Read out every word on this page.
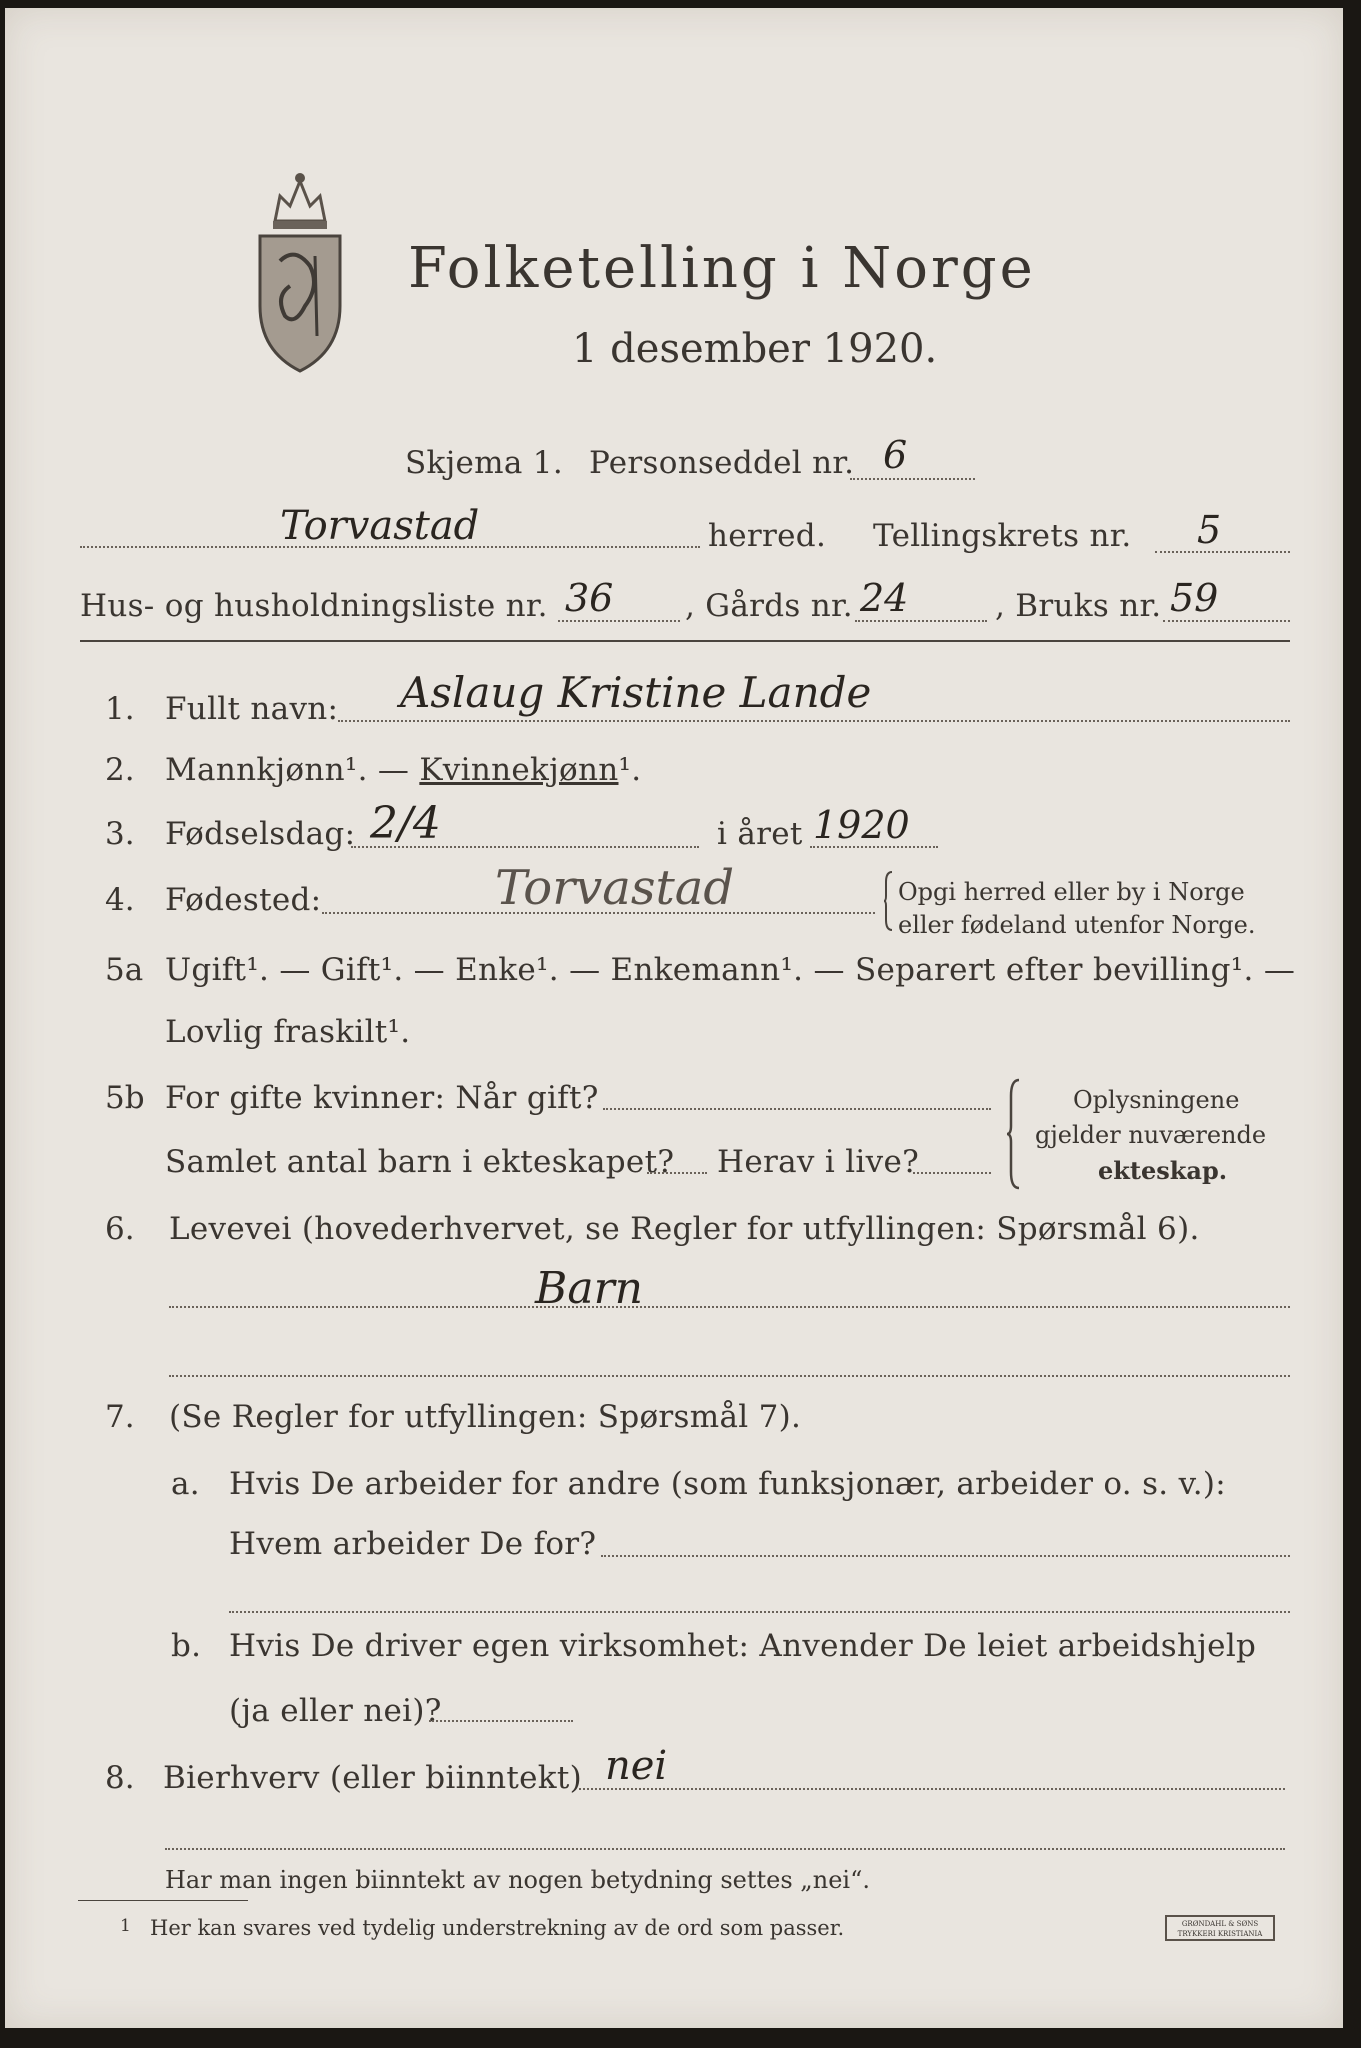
Folketelling i Norge
1 desember 1920.
Skjema 1. Personseddel nr. 6
Torvastad	herred. Tellingskrets nr. 5
Hus- og husholdningsliste nr. 36 , Gårds nr. 24	, Bruks nr. 59
1. Fullt navn: Aslaug Kristine Lande
2. Mannkjønn¹. — Kvinnekjønn¹.
3. Fødselsdag: 2/4	i året 1920
4. Fødested:	Torvastad	Opgi herred eller by i Norge
eller fødeland utenfor Norge.
5a Ugift¹. — Gift¹. — Enke¹. — Enkemann¹. — Separert efter bevilling¹. —
Lovlig fraskilt¹.
5b For gifte kvinner: Når gift?
Samlet antal barn i ekteskapet? Herav i live?
Oplysningene
gjelder nuværende
ekteskap.
6. Levevei (hovederhvervet, se Regler for utfyllingen: Spørsmål 6).
Barn
7. (Se Regler for utfyllingen: Spørsmål 7).
a. Hvis De arbeider for andre (som funksjonær, arbeider o. s. v.):
Hvem arbeider De for?
b. Hvis De driver egen virksomhet: Anvender De leiet arbeidshjelp
(ja eller nei)?
8. Bierhverv (eller biinntekt) nei
Har man ingen biinntekt av nogen betydning settes „nei“.
1 Her kan svares ved tydelig understrekning av de ord som passer.	GRØNDAHL & SØNS TRYKKERI KRISTIANIA
